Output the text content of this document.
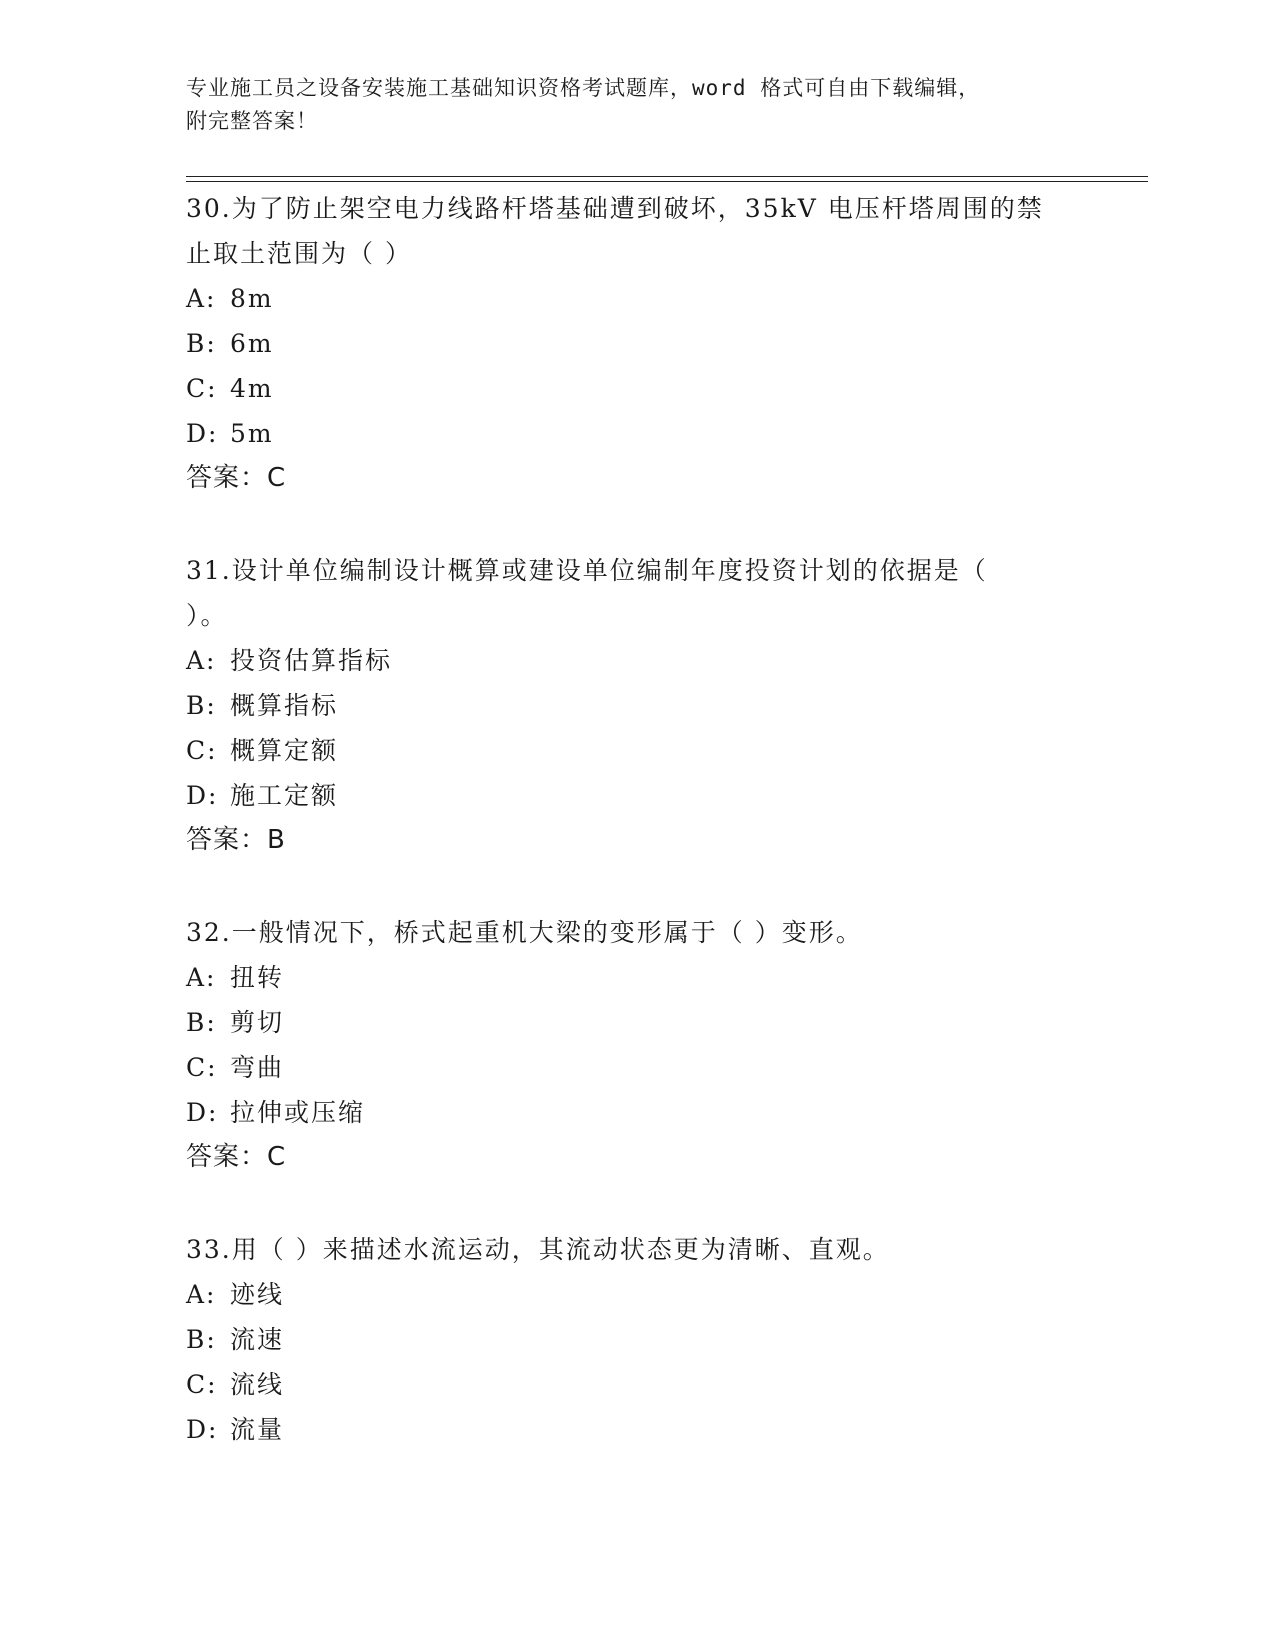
专业施工员之设备安装施工基础知识资格考试题库，word 格式可自由下载编辑，
附完整答案！
30.为了防止架空电力线路杆塔基础遭到破坏，35kV 电压杆塔周围的禁
止取土范围为（ ）
A: 8m
B: 6m
C: 4m
D: 5m
答案：C
31.设计单位编制设计概算或建设单位编制年度投资计划的依据是（
）。
A: 投资估算指标
B: 概算指标
C: 概算定额
D: 施工定额
答案：B
32.一般情况下，桥式起重机大梁的变形属于（ ）变形。
A: 扭转
B: 剪切
C: 弯曲
D: 拉伸或压缩
答案：C
33.用（ ）来描述水流运动，其流动状态更为清晰、直观。
A: 迹线
B: 流速
C: 流线
D: 流量
